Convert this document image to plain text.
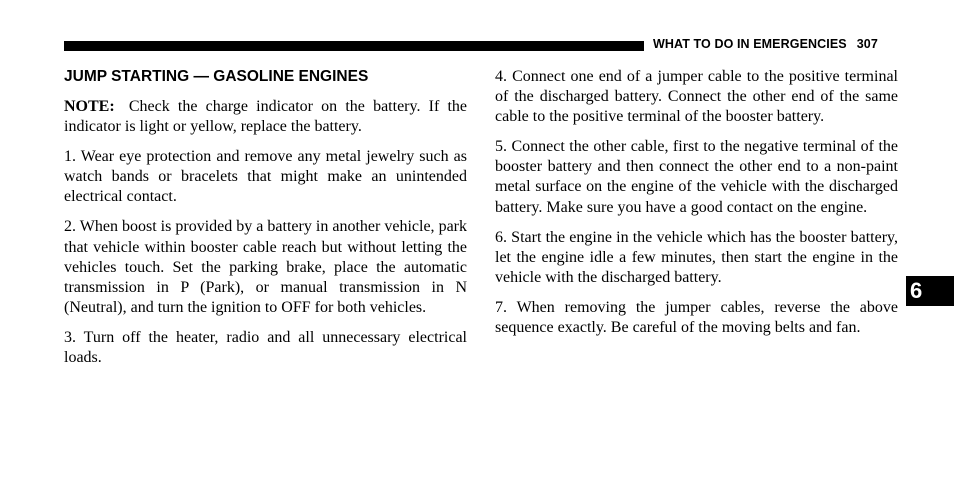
WHAT TO DO IN EMERGENCIES 307
JUMP STARTING — GASOLINE ENGINES

NOTE: Check the charge indicator on the battery. If the indicator is light or yellow, replace the battery.

1. Wear eye protection and remove any metal jewelry such as watch bands or bracelets that might make an unintended electrical contact.

2. When boost is provided by a battery in another vehicle, park that vehicle within booster cable reach but without letting the vehicles touch. Set the parking brake, place the automatic transmission in P (Park), or manual transmission in N (Neutral), and turn the ignition to OFF for both vehicles.

3. Turn off the heater, radio and all unnecessary electrical loads.

4. Connect one end of a jumper cable to the positive terminal of the discharged battery. Connect the other end of the same cable to the positive terminal of the booster battery.

5. Connect the other cable, first to the negative terminal of the booster battery and then connect the other end to a non-paint metal surface on the engine of the vehicle with the discharged battery. Make sure you have a good contact on the engine.

6. Start the engine in the vehicle which has the booster battery, let the engine idle a few minutes, then start the engine in the vehicle with the discharged battery.

7. When removing the jumper cables, reverse the above sequence exactly. Be careful of the moving belts and fan.

6
